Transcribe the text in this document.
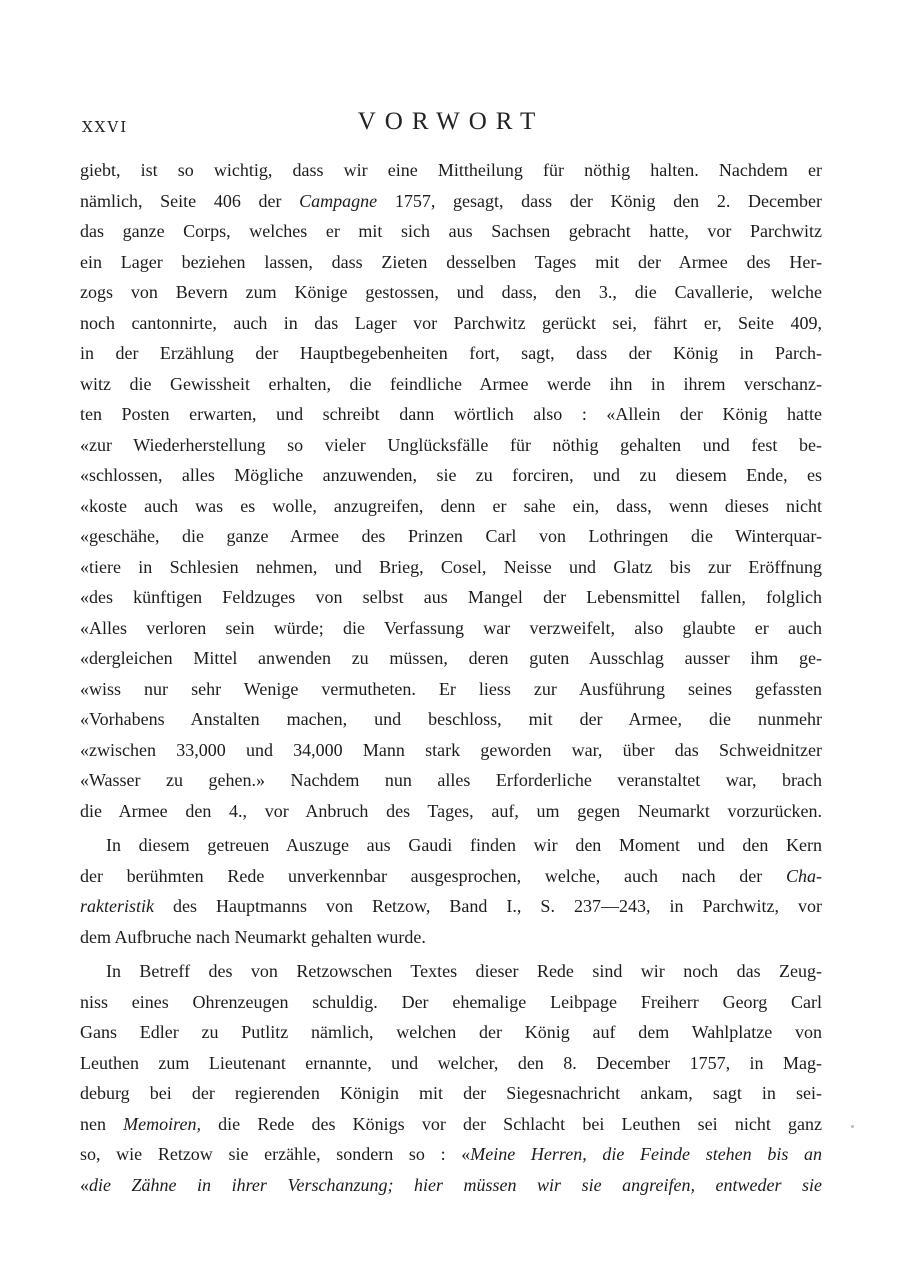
XXVI	VORWORT
giebt, ist so wichtig, dass wir eine Mittheilung für nöthig halten. Nachdem er
nämlich, Seite 406 der Campagne 1757, gesagt, dass der König den 2. December
das ganze Corps, welches er mit sich aus Sachsen gebracht hatte, vor Parchwitz
ein Lager beziehen lassen, dass Zieten desselben Tages mit der Armee des Her-
zogs von Bevern zum Könige gestossen, und dass, den 3., die Cavallerie, welche
noch cantonnirte, auch in das Lager vor Parchwitz gerückt sei, fährt er, Seite 409,
in der Erzählung der Hauptbegebenheiten fort, sagt, dass der König in Parch-
witz die Gewissheit erhalten, die feindliche Armee werde ihn in ihrem verschanz-
ten Posten erwarten, und schreibt dann wörtlich also : «Allein der König hatte
«zur Wiederherstellung so vieler Unglücksfälle für nöthig gehalten und fest be-
«schlossen, alles Mögliche anzuwenden, sie zu forciren, und zu diesem Ende, es
«koste auch was es wolle, anzugreifen, denn er sahe ein, dass, wenn dieses nicht
«geschähe, die ganze Armee des Prinzen Carl von Lothringen die Winterquar-
«tiere in Schlesien nehmen, und Brieg, Cosel, Neisse und Glatz bis zur Eröffnung
«des künftigen Feldzuges von selbst aus Mangel der Lebensmittel fallen, folglich
«Alles verloren sein würde; die Verfassung war verzweifelt, also glaubte er auch
«dergleichen Mittel anwenden zu müssen, deren guten Ausschlag ausser ihm ge-
«wiss nur sehr Wenige vermutheten. Er liess zur Ausführung seines gefassten
«Vorhabens Anstalten machen, und beschloss, mit der Armee, die nunmehr
«zwischen 33,000 und 34,000 Mann stark geworden war, über das Schweidnitzer
«Wasser zu gehen.» Nachdem nun alles Erforderliche veranstaltet war, brach
die Armee den 4., vor Anbruch des Tages, auf, um gegen Neumarkt vorzurücken.
In diesem getreuen Auszuge aus Gaudi finden wir den Moment und den Kern
der berühmten Rede unverkennbar ausgesprochen, welche, auch nach der Cha-
rakteristik des Hauptmanns von Retzow, Band I., S. 237—243, in Parchwitz, vor
dem Aufbruche nach Neumarkt gehalten wurde.
In Betreff des von Retzowschen Textes dieser Rede sind wir noch das Zeug-
niss eines Ohrenzeugen schuldig. Der ehemalige Leibpage Freiherr Georg Carl
Gans Edler zu Putlitz nämlich, welchen der König auf dem Wahlplatze von
Leuthen zum Lieutenant ernannte, und welcher, den 8. December 1757, in Mag-
deburg bei der regierenden Königin mit der Siegesnachricht ankam, sagt in sei-
nen Memoiren, die Rede des Königs vor der Schlacht bei Leuthen sei nicht ganz
so, wie Retzow sie erzähle, sondern so : «Meine Herren, die Feinde stehen bis an
«die Zähne in ihrer Verschanzung; hier müssen wir sie angreifen, entweder sie
